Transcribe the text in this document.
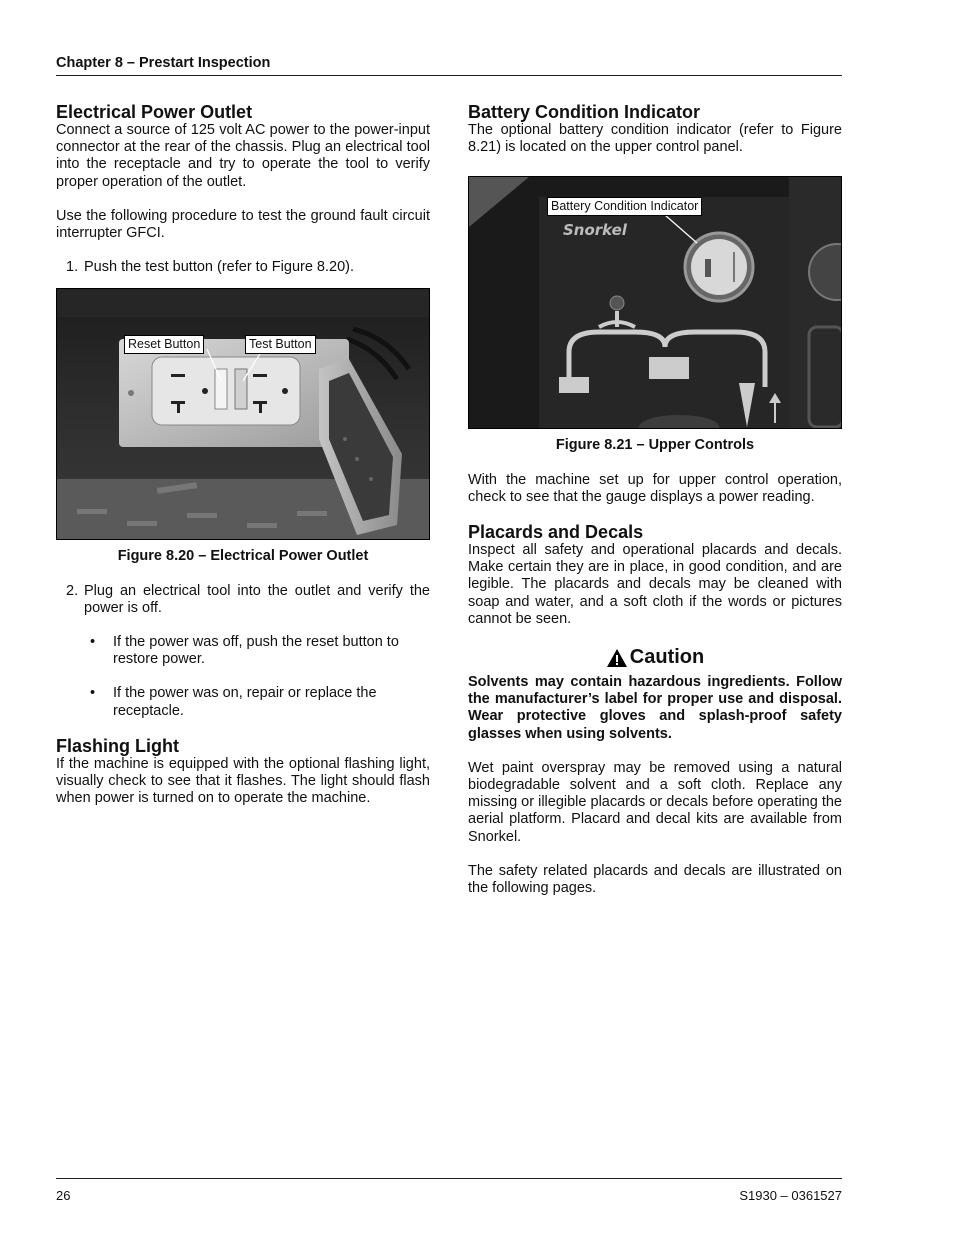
Chapter 8 – Prestart Inspection
Electrical Power Outlet

Connect a source of 125 volt AC power to the power-input connector at the rear of the chassis. Plug an electrical tool into the receptacle and try to operate the tool to verify proper operation of the outlet.

Use the following procedure to test the ground fault circuit interrupter GFCI.

1. Push the test button (refer to Figure 8.20).
Reset Button	Test Button
Figure 8.20 – Electrical Power Outlet
2. Plug an electrical tool into the outlet and verify the power is off.
•	If the power was off, push the reset button to restore power.
•	If the power was on, repair or replace the receptacle.
Flashing Light

If the machine is equipped with the optional flashing light, visually check to see that it flashes. The light should flash when power is turned on to operate the machine.

Battery Condition Indicator

The optional battery condition indicator (refer to Figure 8.21) is located on the upper control panel.

Snorkel
Battery Condition Indicator
Figure 8.21 – Upper Controls

With the machine set up for upper control operation, check to see that the gauge displays a power reading.

Placards and Decals

Inspect all safety and operational placards and decals. Make certain they are in place, in good condition, and are legible. The placards and decals may be cleaned with soap and water, and a soft cloth if the words or pictures cannot be seen.

Caution

Solvents may contain hazardous ingredients. Follow the manufacturer’s label for proper use and disposal. Wear protective gloves and splash-proof safety glasses when using solvents.

Wet paint overspray may be removed using a natural biodegradable solvent and a soft cloth. Replace any missing or illegible placards or decals before operating the aerial platform. Placard and decal kits are available from Snorkel.

The safety related placards and decals are illustrated on the following pages.

26	S1930 – 0361527
